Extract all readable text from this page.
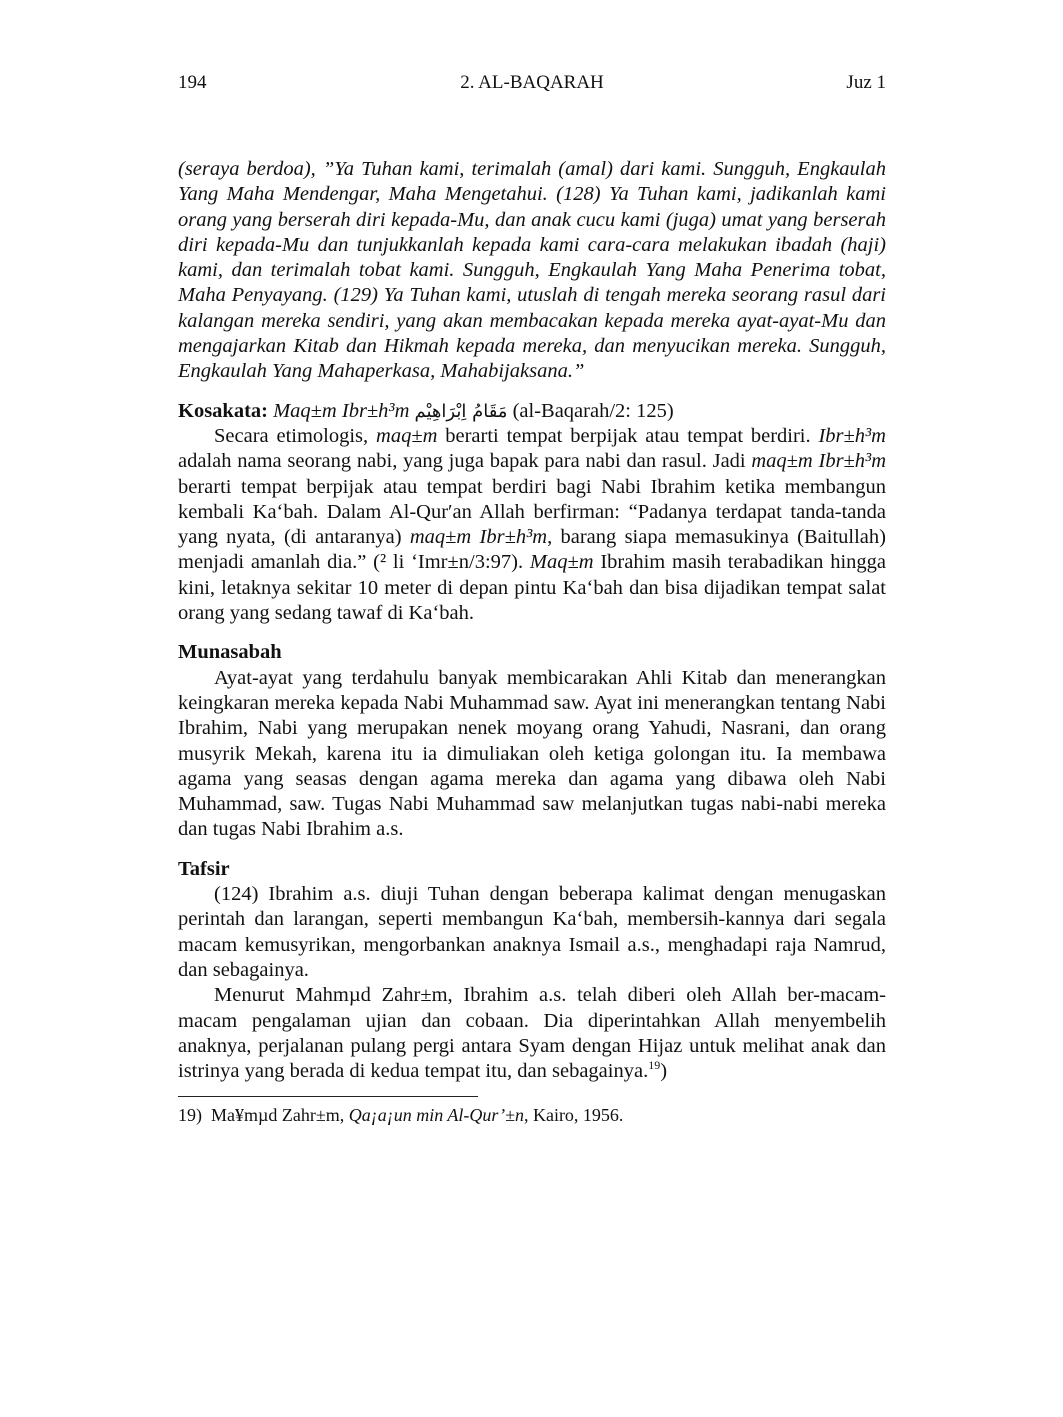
194	2. AL-BAQARAH	Juz 1

(seraya berdoa), ”Ya Tuhan kami, terimalah (amal) dari kami. Sungguh, Engkaulah Yang Maha Mendengar, Maha Mengetahui. (128) Ya Tuhan kami, jadikanlah kami orang yang berserah diri kepada-Mu, dan anak cucu kami (juga) umat yang berserah diri kepada-Mu dan tunjukkanlah kepada kami cara-cara melakukan ibadah (haji) kami, dan terimalah tobat kami. Sungguh, Engkaulah Yang Maha Penerima tobat, Maha Penyayang. (129) Ya Tuhan kami, utuslah di tengah mereka seorang rasul dari kalangan mereka sendiri, yang akan membacakan kepada mereka ayat-ayat-Mu dan mengajarkan Kitab dan Hikmah kepada mereka, dan menyucikan mereka. Sungguh, Engkaulah Yang Mahaperkasa, Mahabijaksana.”

Kosakata: Maq±m Ibr±h³m مَقَامُ اِبْرَاهِيْم (al-Baqarah/2: 125)

Secara etimologis, maq±m berarti tempat berpijak atau tempat berdiri. Ibr±h³m adalah nama seorang nabi, yang juga bapak para nabi dan rasul. Jadi maq±m Ibr±h³m berarti tempat berpijak atau tempat berdiri bagi Nabi Ibrahim ketika membangun kembali Ka‘bah. Dalam Al-Qur′an Allah berfirman: “Padanya terdapat tanda-tanda yang nyata, (di antaranya) maq±m Ibr±h³m, barang siapa memasukinya (Baitullah) menjadi amanlah dia.” (² li ‘Imr±n/3:97). Maq±m Ibrahim masih terabadikan hingga kini, letaknya sekitar 10 meter di depan pintu Ka‘bah dan bisa dijadikan tempat salat orang yang sedang tawaf di Ka‘bah.

Munasabah

Ayat-ayat yang terdahulu banyak membicarakan Ahli Kitab dan menerangkan keingkaran mereka kepada Nabi Muhammad saw. Ayat ini menerangkan tentang Nabi Ibrahim, Nabi yang merupakan nenek moyang orang Yahudi, Nasrani, dan orang musyrik Mekah, karena itu ia dimuliakan oleh ketiga golongan itu. Ia membawa agama yang seasas dengan agama mereka dan agama yang dibawa oleh Nabi Muhammad, saw. Tugas Nabi Muhammad saw melanjutkan tugas nabi-nabi mereka dan tugas Nabi Ibrahim a.s.

Tafsir

(124) Ibrahim a.s. diuji Tuhan dengan beberapa kalimat dengan menugaskan perintah dan larangan, seperti membangun Ka‘bah, membersih-kannya dari segala macam kemusyrikan, mengorbankan anaknya Ismail a.s., menghadapi raja Namrud, dan sebagainya.

Menurut Mahmµd Zahr±m, Ibrahim a.s. telah diberi oleh Allah ber-macam-macam pengalaman ujian dan cobaan. Dia diperintahkan Allah menyembelih anaknya, perjalanan pulang pergi antara Syam dengan Hijaz untuk melihat anak dan istrinya yang berada di kedua tempat itu, dan sebagainya.$^{19}$)

19) Ma¥mµd Zahr±m, Qa¡a¡un min Al-Qur’±n, Kairo, 1956.
